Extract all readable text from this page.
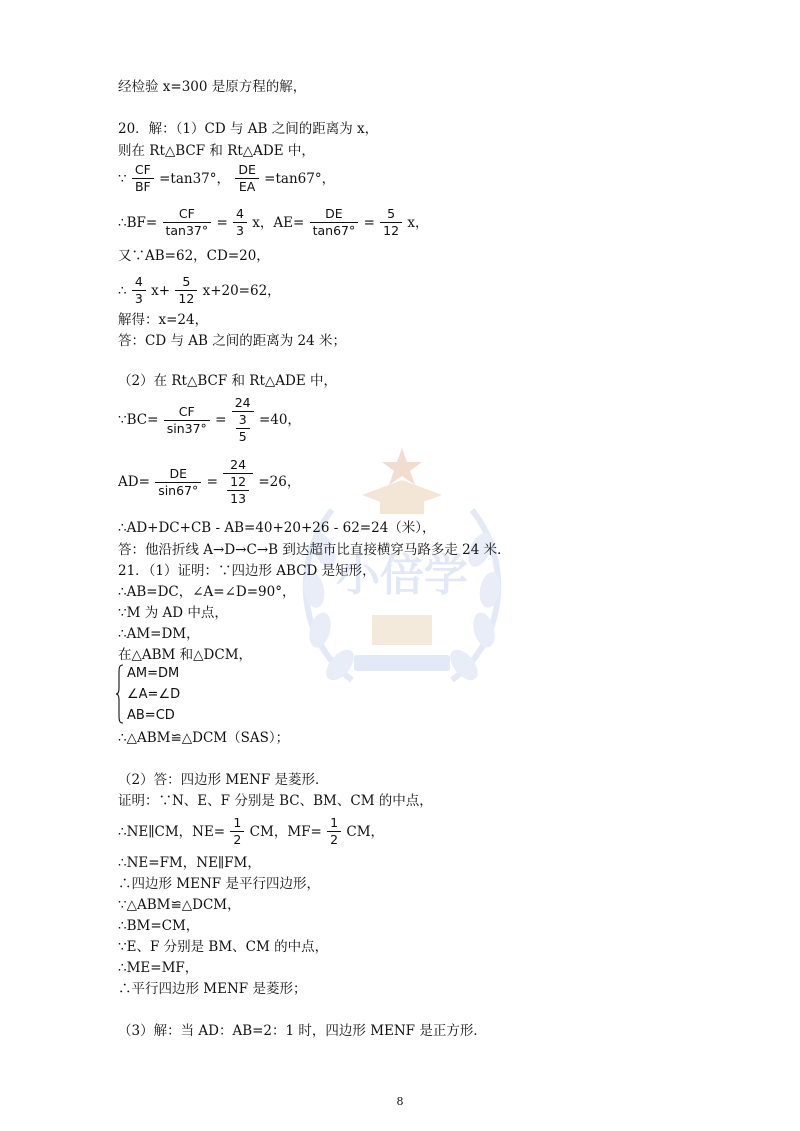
小倍学
经检验 x=300 是原方程的解，
20．解：（1）CD 与 AB 之间的距离为 x，
则在 Rt△BCF 和 Rt△ADE 中，
∵ $\frac{CF}{BF} =\tan 37^\circ$， $\frac{DE}{EA} =\tan 67^\circ$，
∴BF= $\frac{CF}{\tan 37^\circ} = \frac{4}{3}$ x，$AE= \frac{DE}{\tan 67^\circ} = \frac{5}{12}$ x，
又∵AB=62，CD=20，
∴ $\frac{4}{3} x+ \frac{5}{12} x+20=62$，
解得：x=24，
答：CD 与 AB 之间的距离为 24 米；
（2）在 Rt△BCF 和 Rt△ADE 中，
∵BC= $\frac{CF}{\sin 37^\circ} = \frac{24}{\frac{3}{5}} =40$，
$AD= \frac{DE}{\sin 67^\circ} = \frac{24}{\frac{12}{13}} =26$，
∴AD+DC+CB - AB=40+20+26 - 62=24（米），
答：他沿折线 A→D→C→B 到达超市比直接横穿马路多走 24 米．
21．（1）证明：∵四边形 ABCD 是矩形，
∴AB=DC，∠A=∠D=90°，
∵M 为 AD 中点，
∴AM=DM，
在△ABM 和△DCM，
AM=DM
∠A=∠D
AB=CD
∴△ABM≌△DCM（SAS）；
（2）答：四边形 MENF 是菱形．
证明：∵N、E、F 分别是 BC、BM、CM 的中点，
∴NE∥CM，$NE= \frac{1}{2}$ CM，$MF= \frac{1}{2}$ CM，
∴NE=FM，NE∥FM，
∴四边形 MENF 是平行四边形，
∵△ABM≌△DCM，
∴BM=CM，
∵E、F 分别是 BM、CM 的中点，
∴ME=MF，
∴平行四边形 MENF 是菱形；
（3）解：当 AD：AB=2：1 时，四边形 MENF 是正方形．
8
